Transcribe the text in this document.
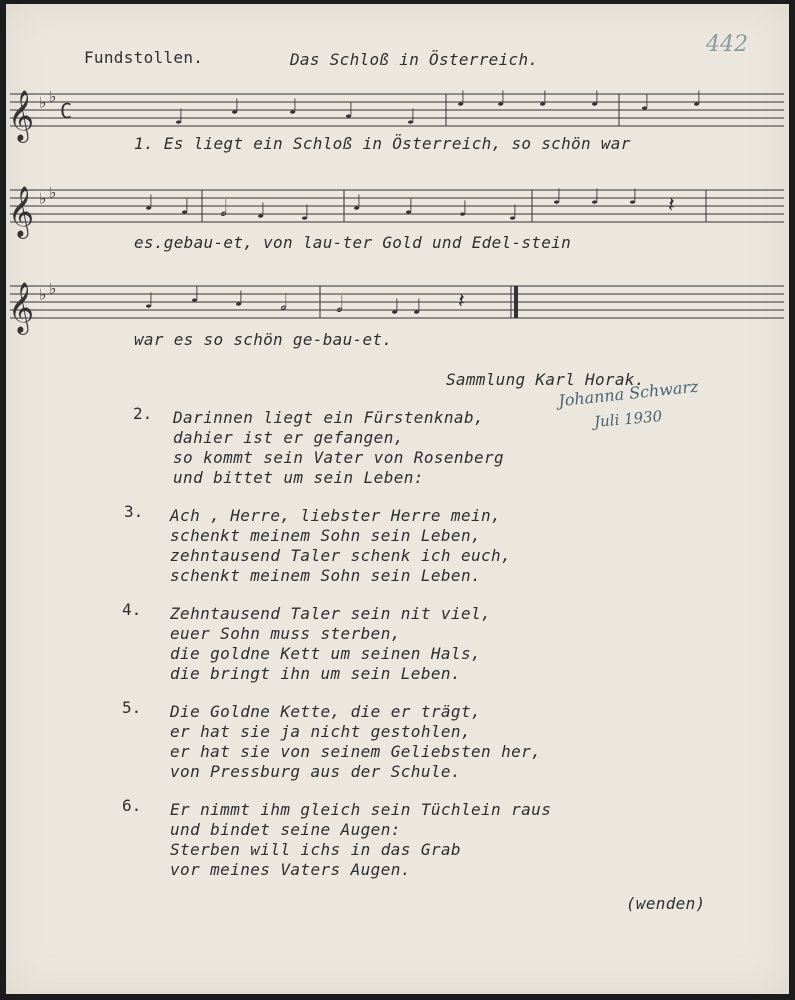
Fundstollen.	Das Schloß in Österreich.
442
𝄞 ♭ ♭
C	♩ ♩ ♩ ♩ ♩
♩ ♩ ♩ ♩ ♩ ♩
1. Es liegt ein Schloß in Österreich, so schön war
𝄞 ♭ ♭	♩ ♩ 𝅗𝅥 ♩ ♩ ♩ ♩ ♩ ♩
♩ ♩ ♩ 𝄽
es.gebau-et, von lau-ter Gold und Edel-stein
𝄞 ♭ ♭
♩ ♩ ♩ 𝅗𝅥 𝅗𝅥 ♩ ♩ 𝄽
war es so schön ge-bau-et.
Sammlung Karl Horak.
Johanna Schwarz
Juli 1930
2. Darinnen liegt ein Fürstenknab,
dahier ist er gefangen,
so kommt sein Vater von Rosenberg
und bittet um sein Leben:
3. Ach , Herre, liebster Herre mein,
schenkt meinem Sohn sein Leben,
zehntausend Taler schenk ich euch,
schenkt meinem Sohn sein Leben.
4. Zehntausend Taler sein nit viel,
euer Sohn muss sterben,
die goldne Kett um seinen Hals,
die bringt ihn um sein Leben.
5. Die Goldne Kette, die er trägt,
er hat sie ja nicht gestohlen,
er hat sie von seinem Geliebsten her,
von Pressburg aus der Schule.
6. Er nimmt ihm gleich sein Tüchlein raus
und bindet seine Augen:
Sterben will ichs in das Grab
vor meines Vaters Augen.
(wenden)
